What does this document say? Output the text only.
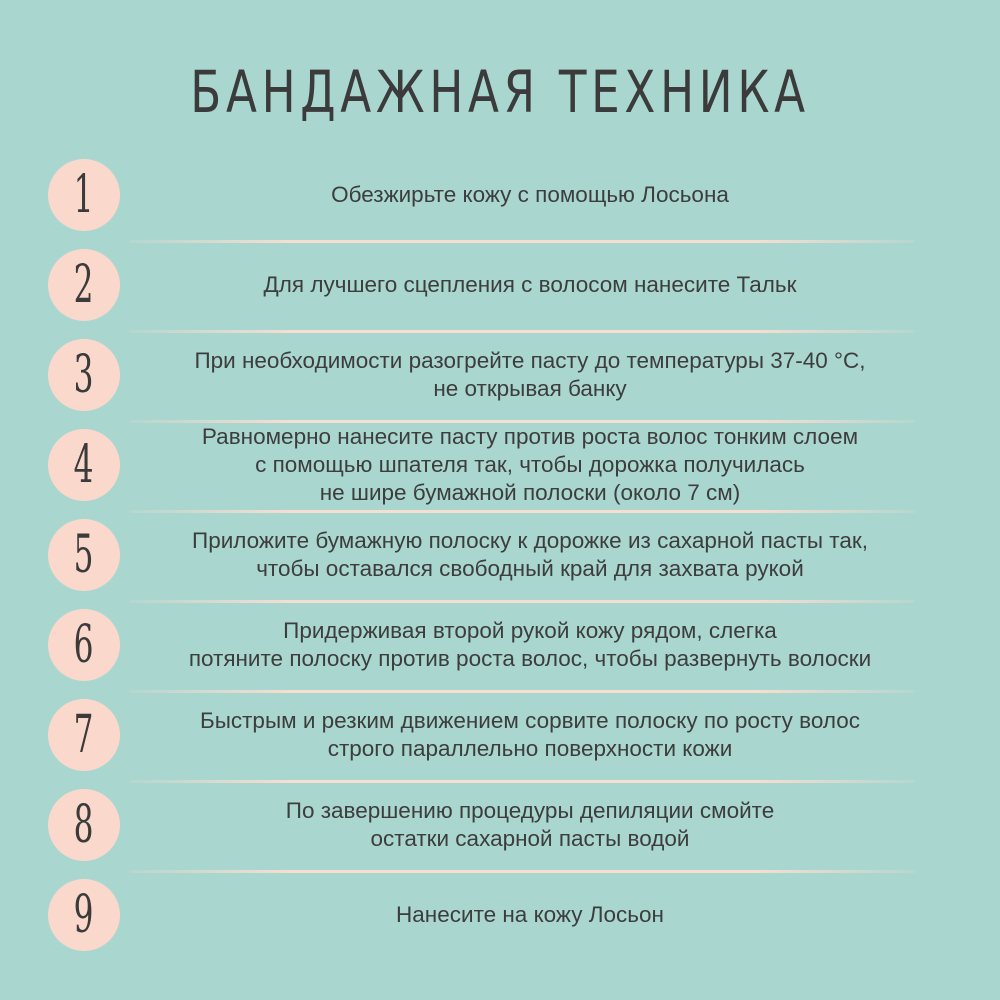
БАНДАЖНАЯ ТЕХНИКА
1	Обезжирьте кожу с помощью Лосьона
2	Для лучшего сцепления с волосом нанесите Тальк
3	При необходимости разогрейте пасту до температуры 37-40 °С,
не открывая банку
4	Равномерно нанесите пасту против роста волос тонким слоем
с помощью шпателя так, чтобы дорожка получилась
не шире бумажной полоски (около 7 см)
5	Приложите бумажную полоску к дорожке из сахарной пасты так,
чтобы оставался свободный край для захвата рукой
6	Придерживая второй рукой кожу рядом, слегка
потяните полоску против роста волос, чтобы развернуть волоски
7	Быстрым и резким движением сорвите полоску по росту волос
строго параллельно поверхности кожи
8	По завершению процедуры депиляции смойте
остатки сахарной пасты водой
9	Нанесите на кожу Лосьон
